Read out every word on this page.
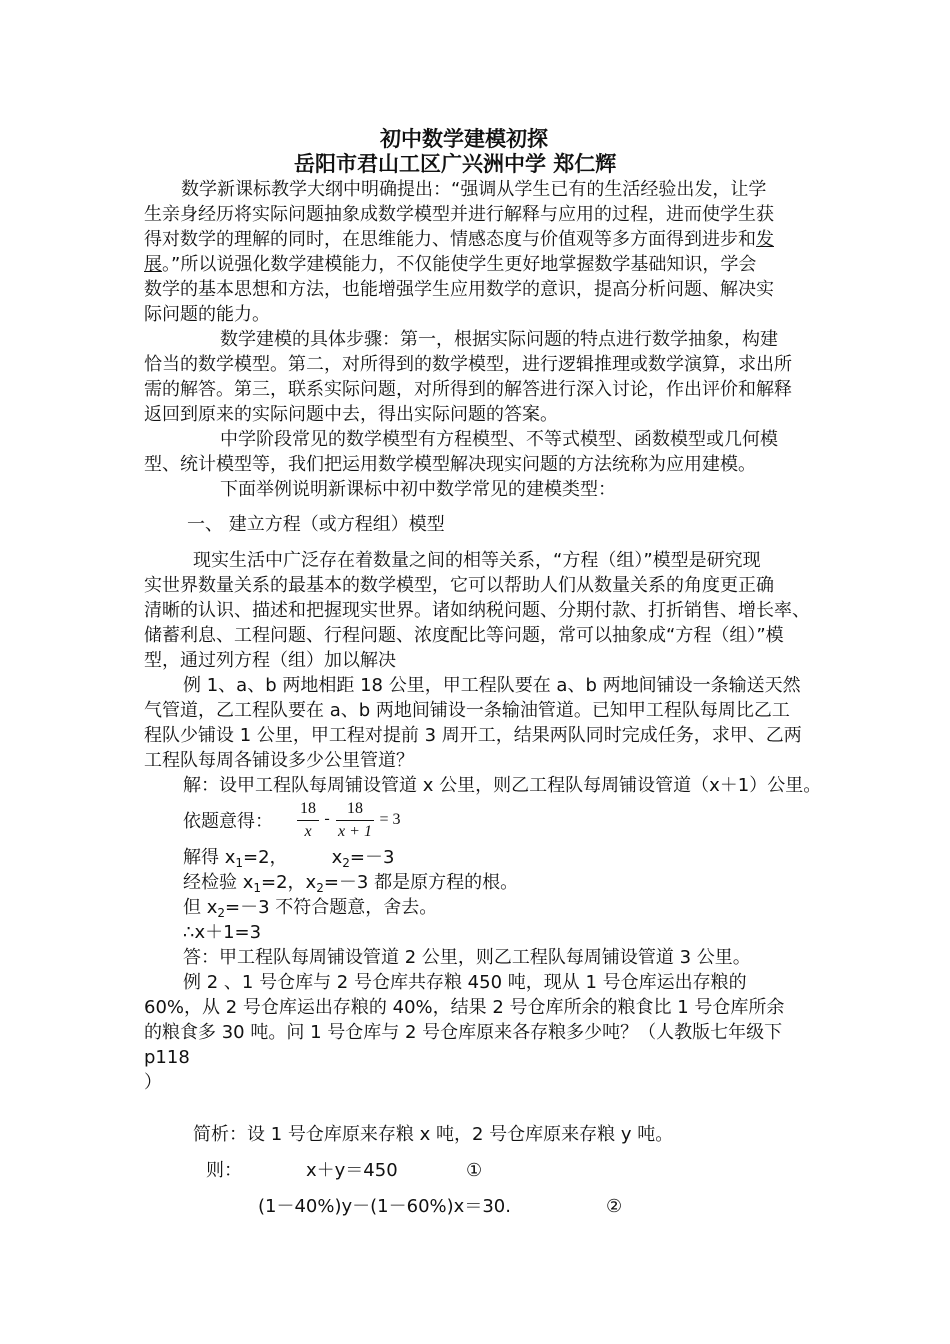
初中数学建模初探
岳阳市君山工区广兴洲中学 郑仁辉
数学新课标教学大纲中明确提出：“强调从学生已有的生活经验出发，让学
生亲身经历将实际问题抽象成数学模型并进行解释与应用的过程，进而使学生获
得对数学的理解的同时，在思维能力、情感态度与价值观等多方面得到进步和发
展。”所以说强化数学建模能力，不仅能使学生更好地掌握数学基础知识，学会
数学的基本思想和方法，也能增强学生应用数学的意识，提高分析问题、解决实
际问题的能力。
数学建模的具体步骤：第一，根据实际问题的特点进行数学抽象，构建
恰当的数学模型。第二，对所得到的数学模型，进行逻辑推理或数学演算，求出所
需的解答。第三，联系实际问题，对所得到的解答进行深入讨论，作出评价和解释
返回到原来的实际问题中去，得出实际问题的答案。
中学阶段常见的数学模型有方程模型、不等式模型、函数模型或几何模
型、统计模型等，我们把运用数学模型解决现实问题的方法统称为应用建模。
下面举例说明新课标中初中数学常见的建模类型：
一、 建立方程（或方程组）模型
现实生活中广泛存在着数量之间的相等关系，“方程（组）”模型是研究现
实世界数量关系的最基本的数学模型，它可以帮助人们从数量关系的角度更正确
清晰的认识、描述和把握现实世界。诸如纳税问题、分期付款、打折销售、增长率、
储蓄利息、工程问题、行程问题、浓度配比等问题，常可以抽象成“方程（组）”模
型，通过列方程（组）加以解决
例 1、a、b 两地相距 18 公里，甲工程队要在 a、b 两地间铺设一条输送天然
气管道，乙工程队要在 a、b 两地间铺设一条输油管道。已知甲工程队每周比乙工
程队少铺设 1 公里，甲工程对提前 3 周开工，结果两队同时完成任务，求甲、乙两
工程队每周各铺设多少公里管道？
解：设甲工程队每周铺设管道 x 公里，则乙工程队每周铺设管道（x＋1）公里。
依题意得：
18
x
-
18
x + 1
= 3
解得 $x_1=2$， $x_2=-3$
经检验 $x_1=2$，$x_2=-3$ 都是原方程的根。
但 $x_2=-3$ 不符合题意，舍去。
∴x＋1=3
答：甲工程队每周铺设管道 2 公里，则乙工程队每周铺设管道 3 公里。
例 2 、1 号仓库与 2 号仓库共存粮 450 吨，现从 1 号仓库运出存粮的
60%，从 2 号仓库运出存粮的 40%，结果 2 号仓库所余的粮食比 1 号仓库所余
的粮食多 30 吨。问 1 号仓库与 2 号仓库原来各存粮多少吨？（人教版七年级下
p118
）
简析：设 1 号仓库原来存粮 x 吨，2 号仓库原来存粮 y 吨。
则：	x＋y＝450	①
(1－40%)y－(1－60%)x＝30.	②
